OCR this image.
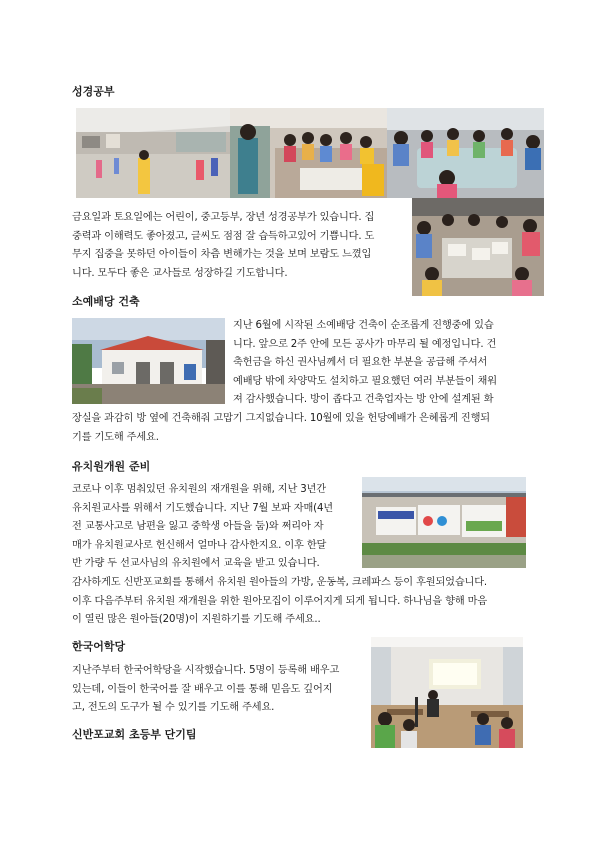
성경공부
금요일과 토요일에는 어린이, 중고등부, 장년 성경공부가 있습니다. 집
중력과 이해력도 좋아졌고, 글씨도 점점 잘 습득하고있어 기쁩니다. 도
무지 집중을 못하던 아이들이 차츰 변해가는 것을 보며 보람도 느꼈입
니다. 모두다 좋은 교사들로 성장하길 기도합니다.
소예배당 건축
지난 6월에 시작된 소예배당 건축이 순조롭게 진행중에 있습
니다. 앞으로 2주 안에 모든 공사가 마무리 될 예정입니다. 건
축헌금을 하신 권사님께서 더 필요한 부분을 공급해 주셔서
예배당 밖에 차양막도 설치하고 필요했던 여러 부분들이 채워
져 감사했습니다. 방이 좁다고 건축업자는 방 안에 설계된 화
장실을 과감히 방 옆에 건축해줘 고맙기 그지없습니다. 10월에 있을 헌당예배가 은혜롭게 진행되
기를 기도해 주세요.
유치원개원 준비
코로나 이후 멈춰있던 유치원의 재개원을 위해, 지난 3년간
유치원교사를 위해서 기도했습니다. 지난 7월 보파 자매(4년
전 교통사고로 남편을 잃고 중학생 아들을 둠)와 쩌리아 자
매가 유치원교사로 헌신해서 얼마나 감사한지요. 이후 한달
반 가량 두 선교사님의 유치원에서 교육을 받고 있습니다.
감사하게도 신반포교회를 통해서 유치원 원아들의 가방, 운동복, 크레파스 등이 후원되었습니다.
이후 다음주부터 유치원 재개원을 위한 원아모집이 이루어지게 되게 됩니다. 하나님을 향해 마음
이 열린 많은 원아들(20명)이 지원하기를 기도해 주세요..
한국어학당
지난주부터 한국어학당을 시작했습니다. 5명이 등록해 배우고
있는데, 이들이 한국어를 잘 배우고 이를 통해 믿음도 깊어지
고, 전도의 도구가 될 수 있기를 기도해 주세요.
신반포교회 초등부 단기팀
